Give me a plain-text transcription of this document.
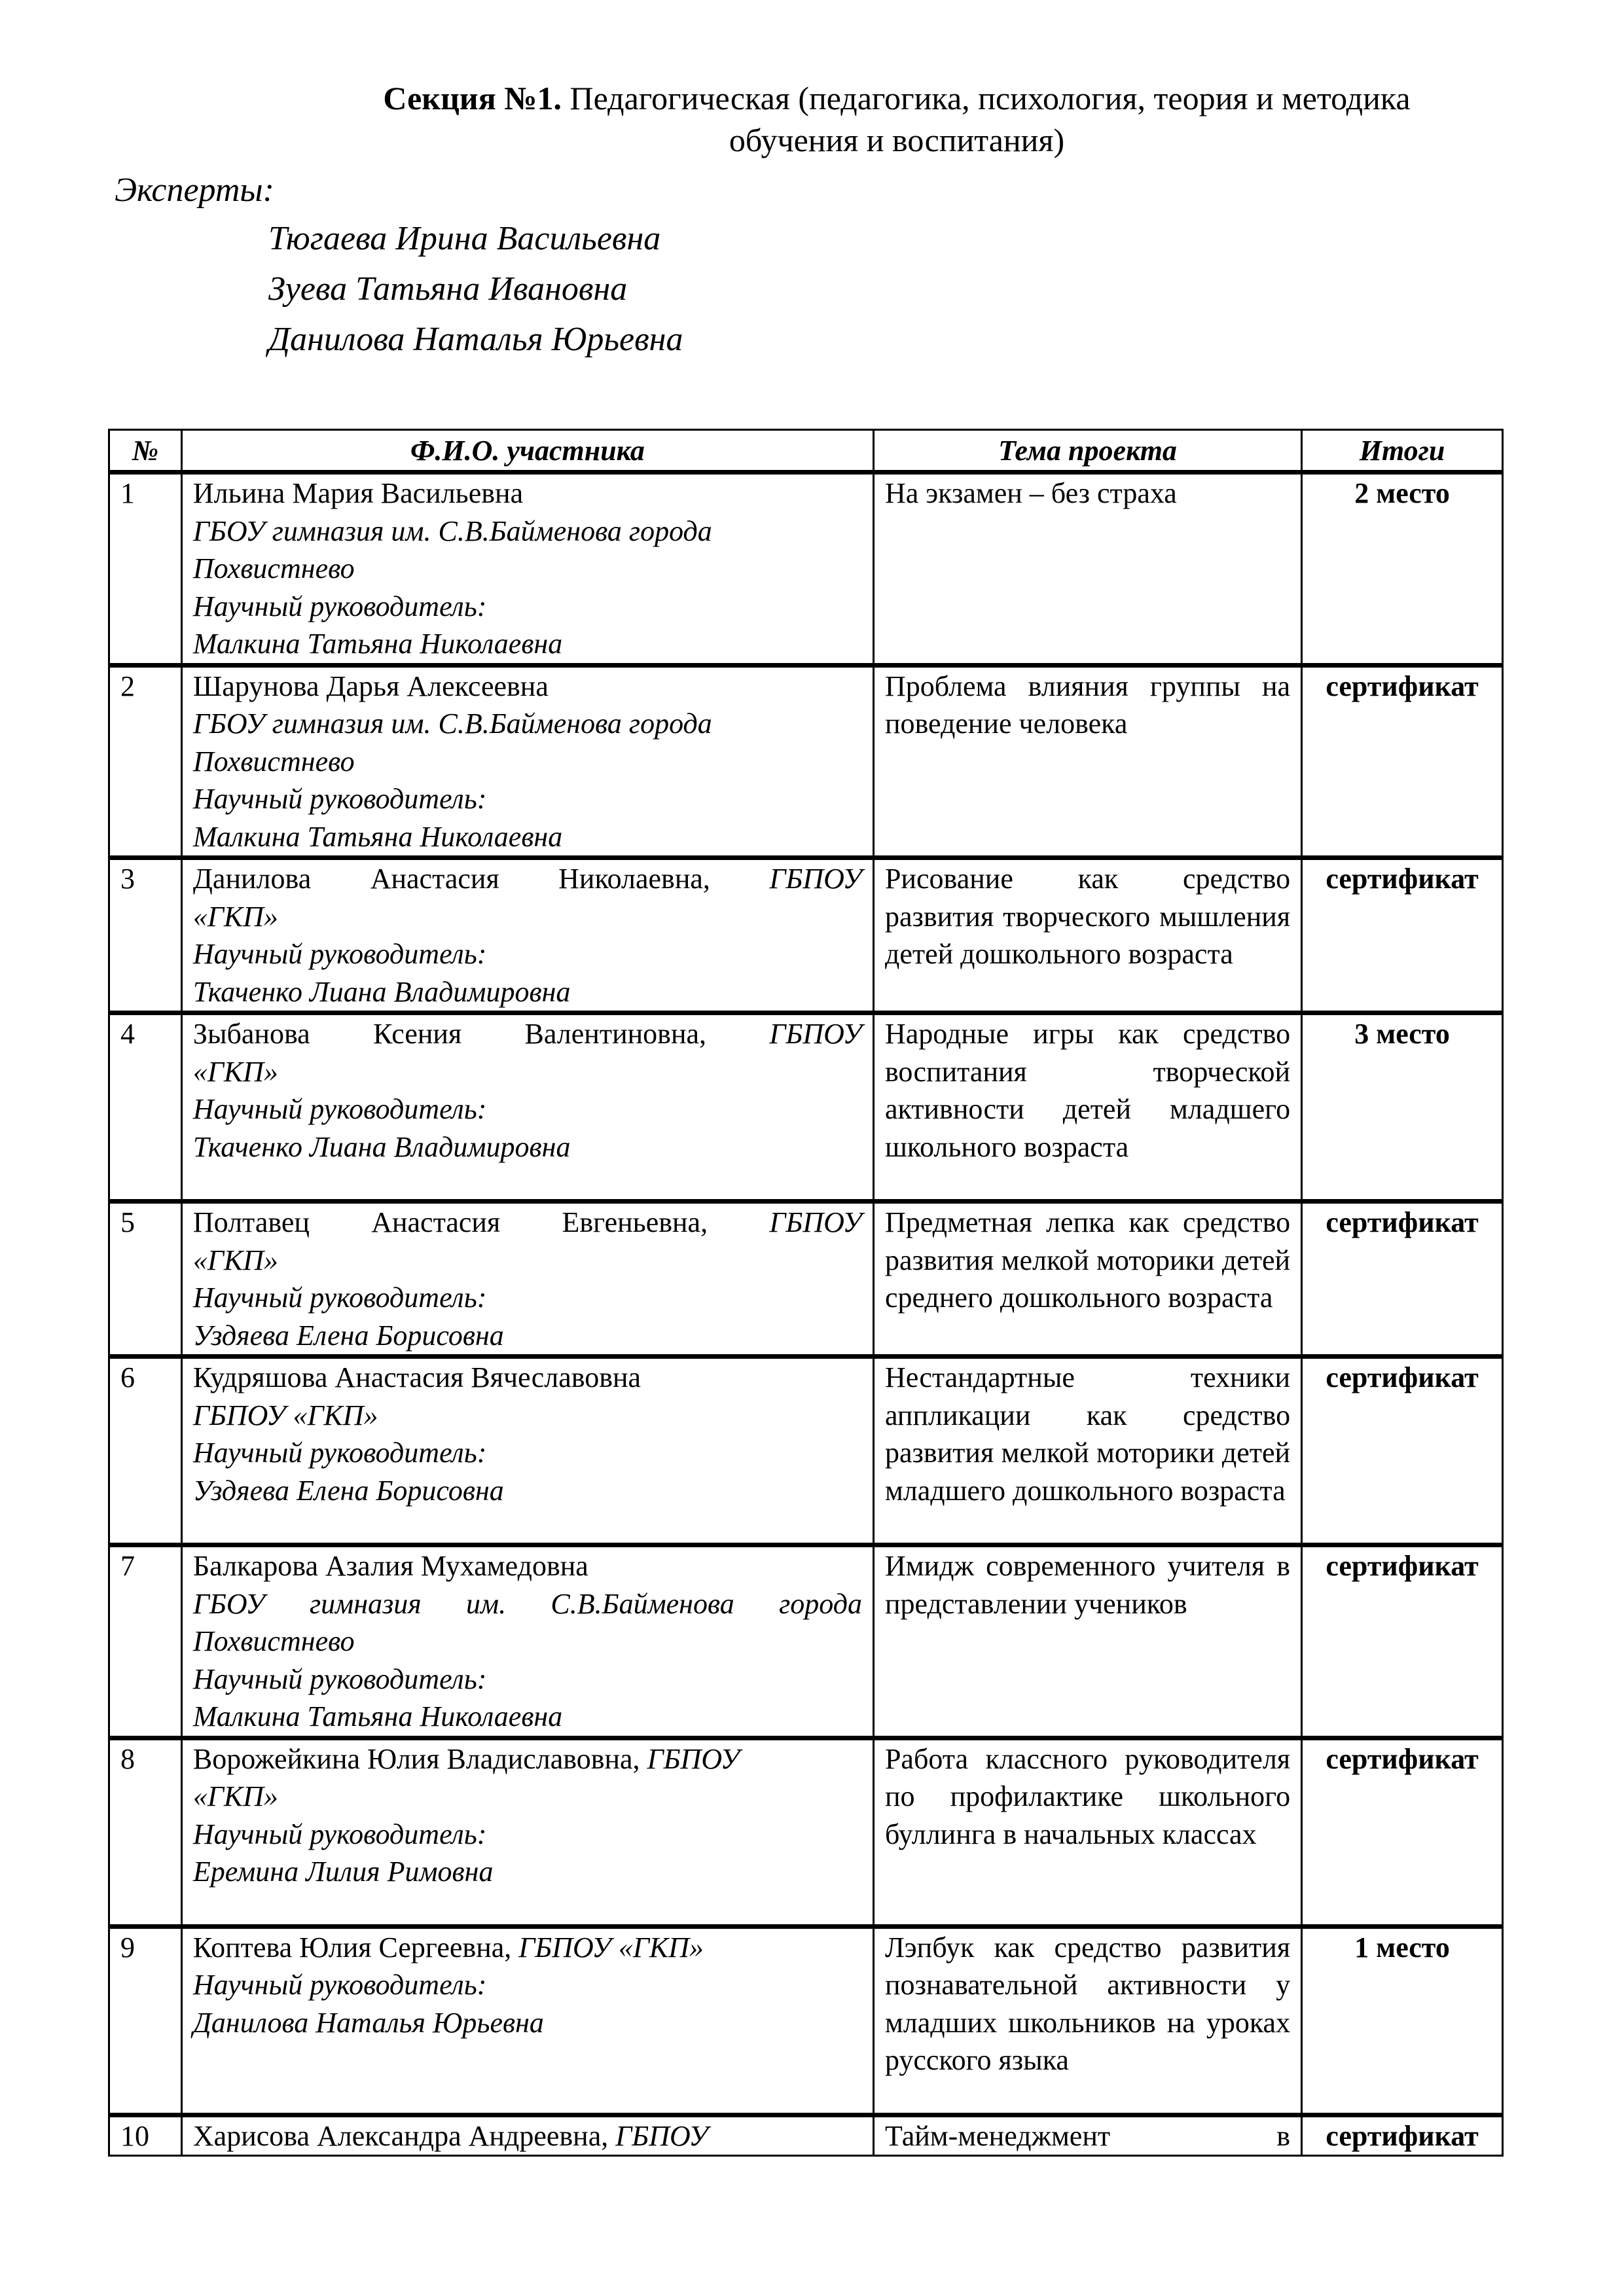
Секция №1. Педагогическая (педагогика, психология, теория и методика
обучения и воспитания)
Эксперты:
Тюгаева Ирина Васильевна
Зуева Татьяна Ивановна
Данилова Наталья Юрьевна
№	Ф.И.О. участника	Тема проекта	Итоги
1	Ильина Мария Васильевна
ГБОУ гимназия им. С.В.Байменова города
Похвистнево
Научный руководитель:
Малкина Татьяна Николаевна	На экзамен – без страха	2 место
2	Шарунова Дарья Алексеевна
ГБОУ гимназия им. С.В.Байменова города
Похвистнево
Научный руководитель:
Малкина Татьяна Николаевна	Проблема влияния группы на поведение человека	сертификат
3	Данилова Анастасия Николаевна, ГБПОУ
«ГКП»
Научный руководитель:
Ткаченко Лиана Владимировна	Рисование как средство развития творческого мышления детей дошкольного возраста	сертификат
4	Зыбанова Ксения Валентиновна, ГБПОУ
«ГКП»
Научный руководитель:
Ткаченко Лиана Владимировна	Народные игры как средство воспитания творческой активности детей младшего школьного возраста	3 место
5	Полтавец Анастасия Евгеньевна, ГБПОУ
«ГКП»
Научный руководитель:
Уздяева Елена Борисовна	Предметная лепка как средство развития мелкой моторики детей среднего дошкольного возраста	сертификат
6	Кудряшова Анастасия Вячеславовна
ГБПОУ «ГКП»
Научный руководитель:
Уздяева Елена Борисовна	Нестандартные техники аппликации как средство развития мелкой моторики детей младшего дошкольного возраста	сертификат
7	Балкарова Азалия Мухамедовна
ГБОУ гимназия им. С.В.Байменова города
Похвистнево
Научный руководитель:
Малкина Татьяна Николаевна	Имидж современного учителя в представлении учеников	сертификат
8	Ворожейкина Юлия Владиславовна, ГБПОУ
«ГКП»
Научный руководитель:
Еремина Лилия Римовна	Работа классного руководителя по профилактике школьного буллинга в начальных классах	сертификат
9	Коптева Юлия Сергеевна, ГБПОУ «ГКП»
Научный руководитель:
Данилова Наталья Юрьевна	Лэпбук как средство развития познавательной активности у младших школьников на уроках русского языка	1 место
10	Харисова Александра Андреевна, ГБПОУ	Тайм-менеджмент в	сертификат
